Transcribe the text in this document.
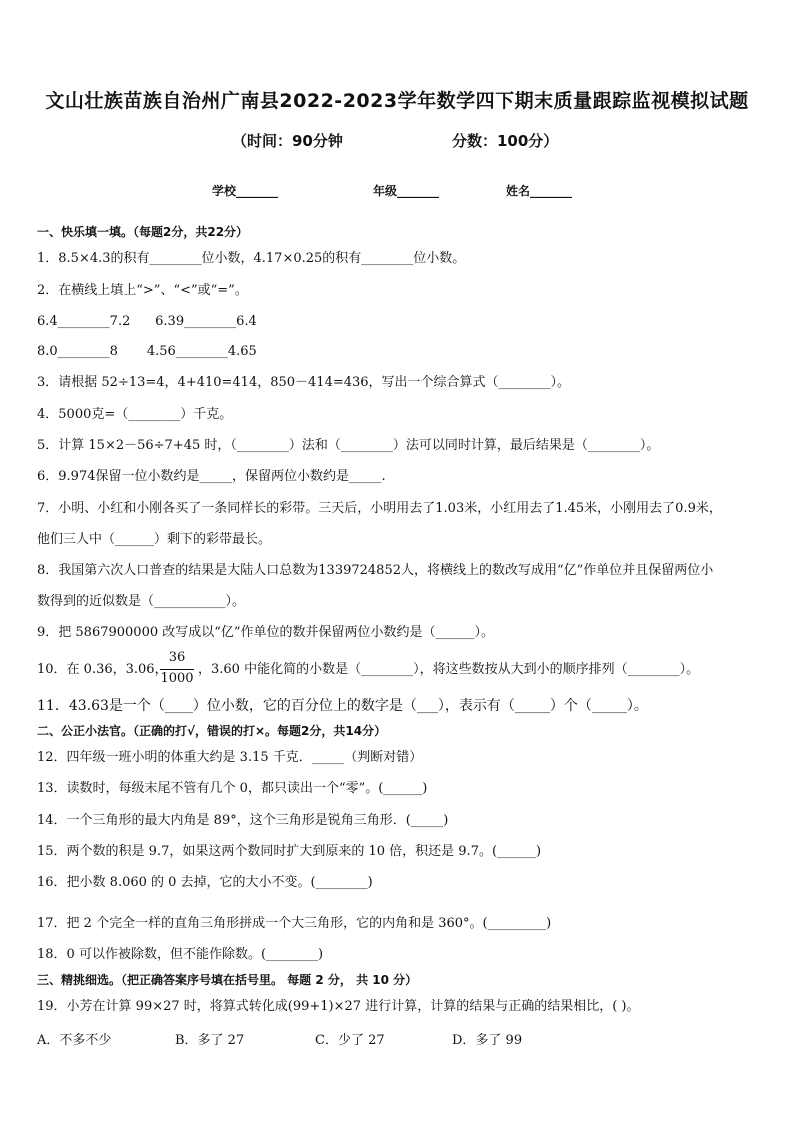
文山壮族苗族自治州广南县2022-2023学年数学四下期末质量跟踪监视模拟试题
（时间：90分钟	分数：100分）
学校_______	年级_______	姓名_______
一、快乐填一填。（每题2分，共22分）
1．8.5×4.3的积有________位小数，4.17×0.25的积有________位小数。
2．在横线上填上“>”、“<”或“=”。
6.4________7.2      6.39________6.4
8.0________8       4.56________4.65
3．请根据 52÷13=4，4+410=414，850－414=436，写出一个综合算式（________）。
4．5000克=（________）千克。
5．计算 15×2－56÷7+45 时，（________）法和（________）法可以同时计算，最后结果是（________）。
6．9.974保留一位小数约是_____，保留两位小数约是_____.
7．小明、小红和小刚各买了一条同样长的彩带。三天后，小明用去了1.03米，小红用去了1.45米，小刚用去了0.9米，
他们三人中（______）剩下的彩带最长。
8．我国第六次人口普查的结果是大陆人口总数为1339724852人，将横线上的数改写成用“亿”作单位并且保留两位小
数得到的近似数是（___________）。
9．把 5867900000 改写成以“亿”作单位的数并保留两位小数约是（______）。
10．在 0.36，3.06，
36
1000
，3.60 中能化简的小数是（________），将这些数按从大到小的顺序排列（________）。
11．43.63是一个（____）位小数，它的百分位上的数字是（___），表示有（_____）个（_____）。
二、公正小法官。（正确的打√，错误的打×。每题2分，共14分）
12．四年级一班小明的体重大约是 3.15 千克．_____（判断对错）
13．读数时，每级末尾不管有几个 0，都只读出一个“零”。(______)
14．一个三角形的最大内角是 89°，这个三角形是锐角三角形．(_____)
15．两个数的积是 9.7，如果这两个数同时扩大到原来的 10 倍，积还是 9.7。(______)
16．把小数 8.060 的 0 去掉，它的大小不变。(________)
17．把 2 个完全一样的直角三角形拼成一个大三角形，它的内角和是 360°。(_________)
18．0 可以作被除数，但不能作除数。(________)
三、精挑细选。（把正确答案序号填在括号里。 每题 2 分， 共 10 分）
19．小芳在计算 99×27 时，将算式转化成(99+1)×27 进行计算，计算的结果与正确的结果相比，( )。
A．不多不少	B．多了 27	C．少了 27	D．多了 99
